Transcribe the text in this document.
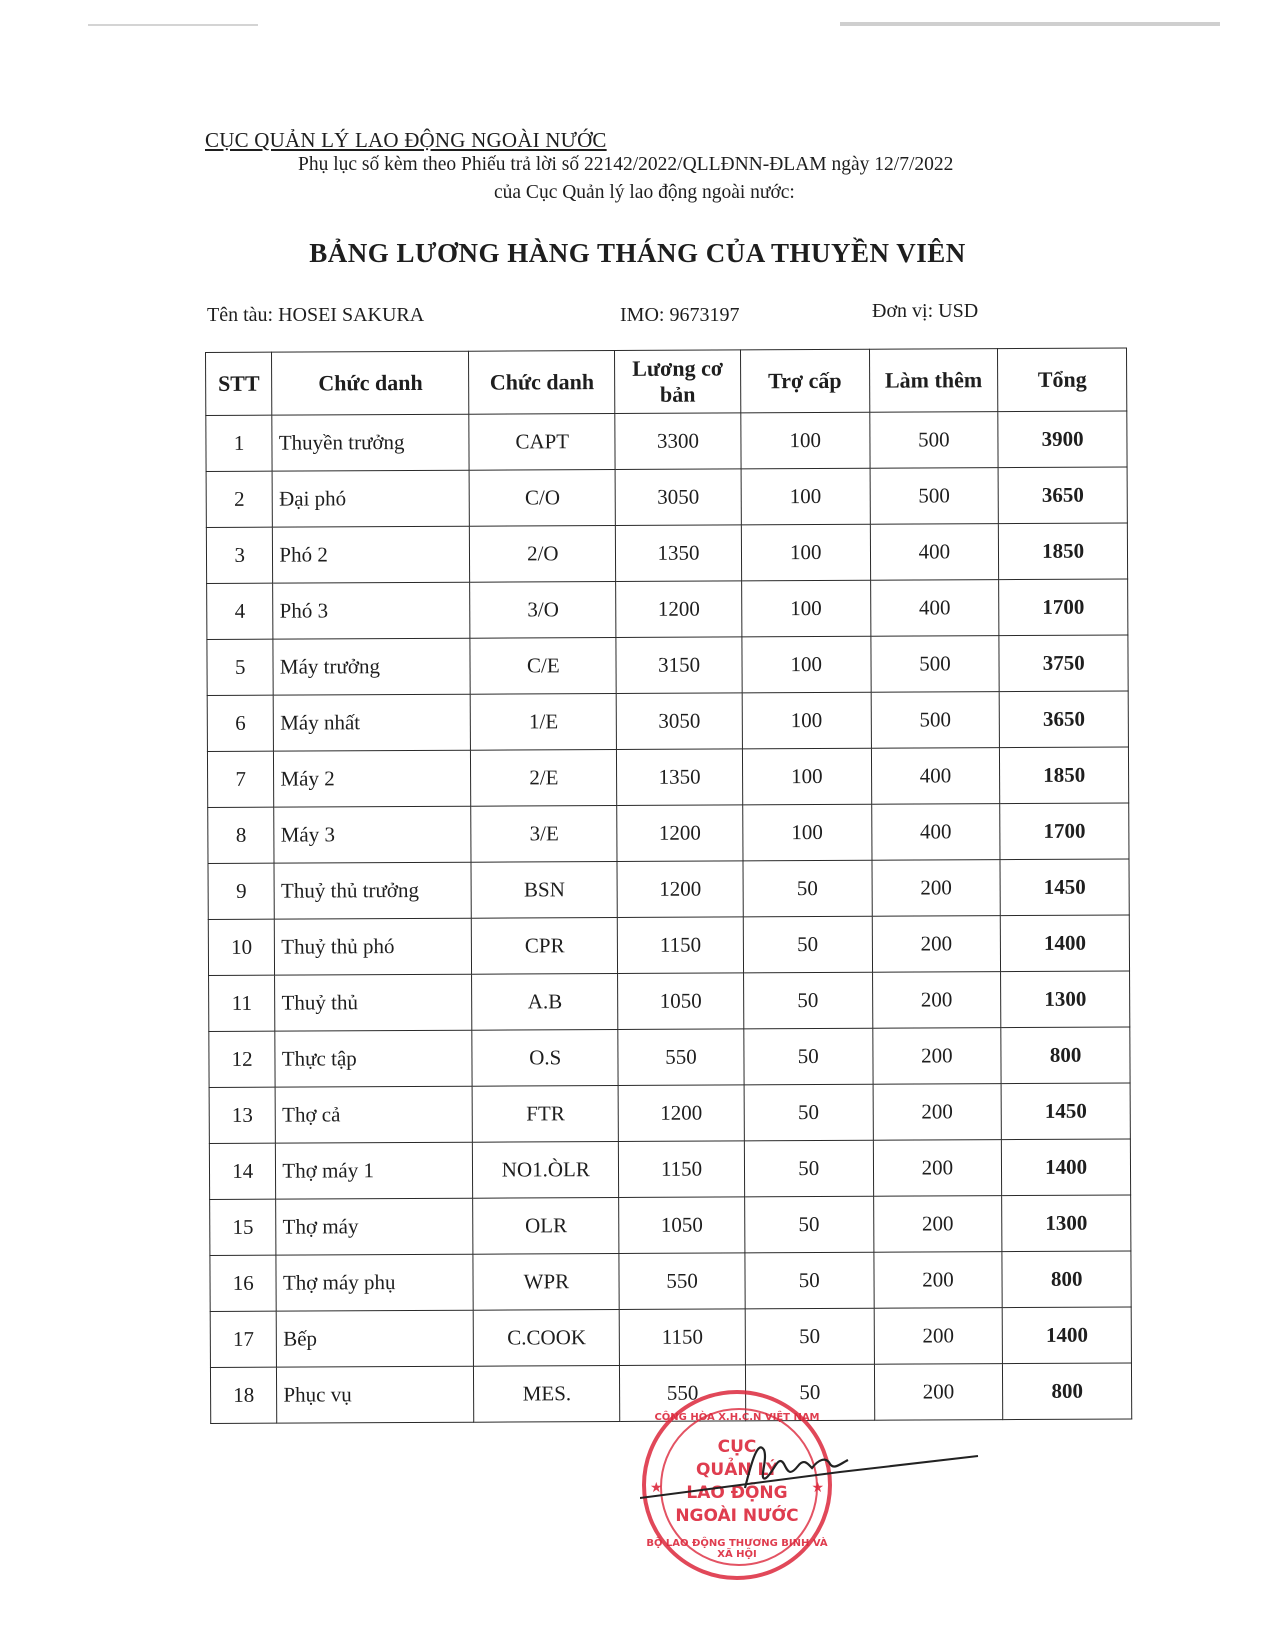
CỤC QUẢN LÝ LAO ĐỘNG NGOÀI NƯỚC
Phụ lục số kèm theo Phiếu trả lời số 22142/2022/QLLĐNN-ĐLAM ngày 12/7/2022
của Cục Quản lý lao động ngoài nước:
BẢNG LƯƠNG HÀNG THÁNG CỦA THUYỀN VIÊN
Tên tàu: HOSEI SAKURA	IMO: 9673197	Đơn vị: USD
STT	Chức danh	Chức danh	Lương cơ bản	Trợ cấp	Làm thêm	Tổng
1	Thuyền trưởng	CAPT	3300	100	500	3900
2	Đại phó	C/O	3050	100	500	3650
3	Phó 2	2/O	1350	100	400	1850
4	Phó 3	3/O	1200	100	400	1700
5	Máy trưởng	C/E	3150	100	500	3750
6	Máy nhất	1/E	3050	100	500	3650
7	Máy 2	2/E	1350	100	400	1850
8	Máy 3	3/E	1200	100	400	1700
9	Thuỷ thủ trưởng	BSN	1200	50	200	1450
10	Thuỷ thủ phó	CPR	1150	50	200	1400
11	Thuỷ thủ	A.B	1050	50	200	1300
12	Thực tập	O.S	550	50	200	800
13	Thợ cả	FTR	1200	50	200	1450
14	Thợ máy 1	NO1.ÒLR	1150	50	200	1400
15	Thợ máy	OLR	1050	50	200	1300
16	Thợ máy phụ	WPR	550	50	200	800
17	Bếp	C.COOK	1150	50	200	1400
18	Phục vụ	MES.	550	50	200	800
CỘNG HÒA X.H.C.N VIỆT NAM
★	★
CỤC
QUẢN LÝ
LAO ĐỘNG
NGOÀI NƯỚC
BỘ LAO ĐỘNG THƯƠNG BINH VÀ XÃ HỘI
